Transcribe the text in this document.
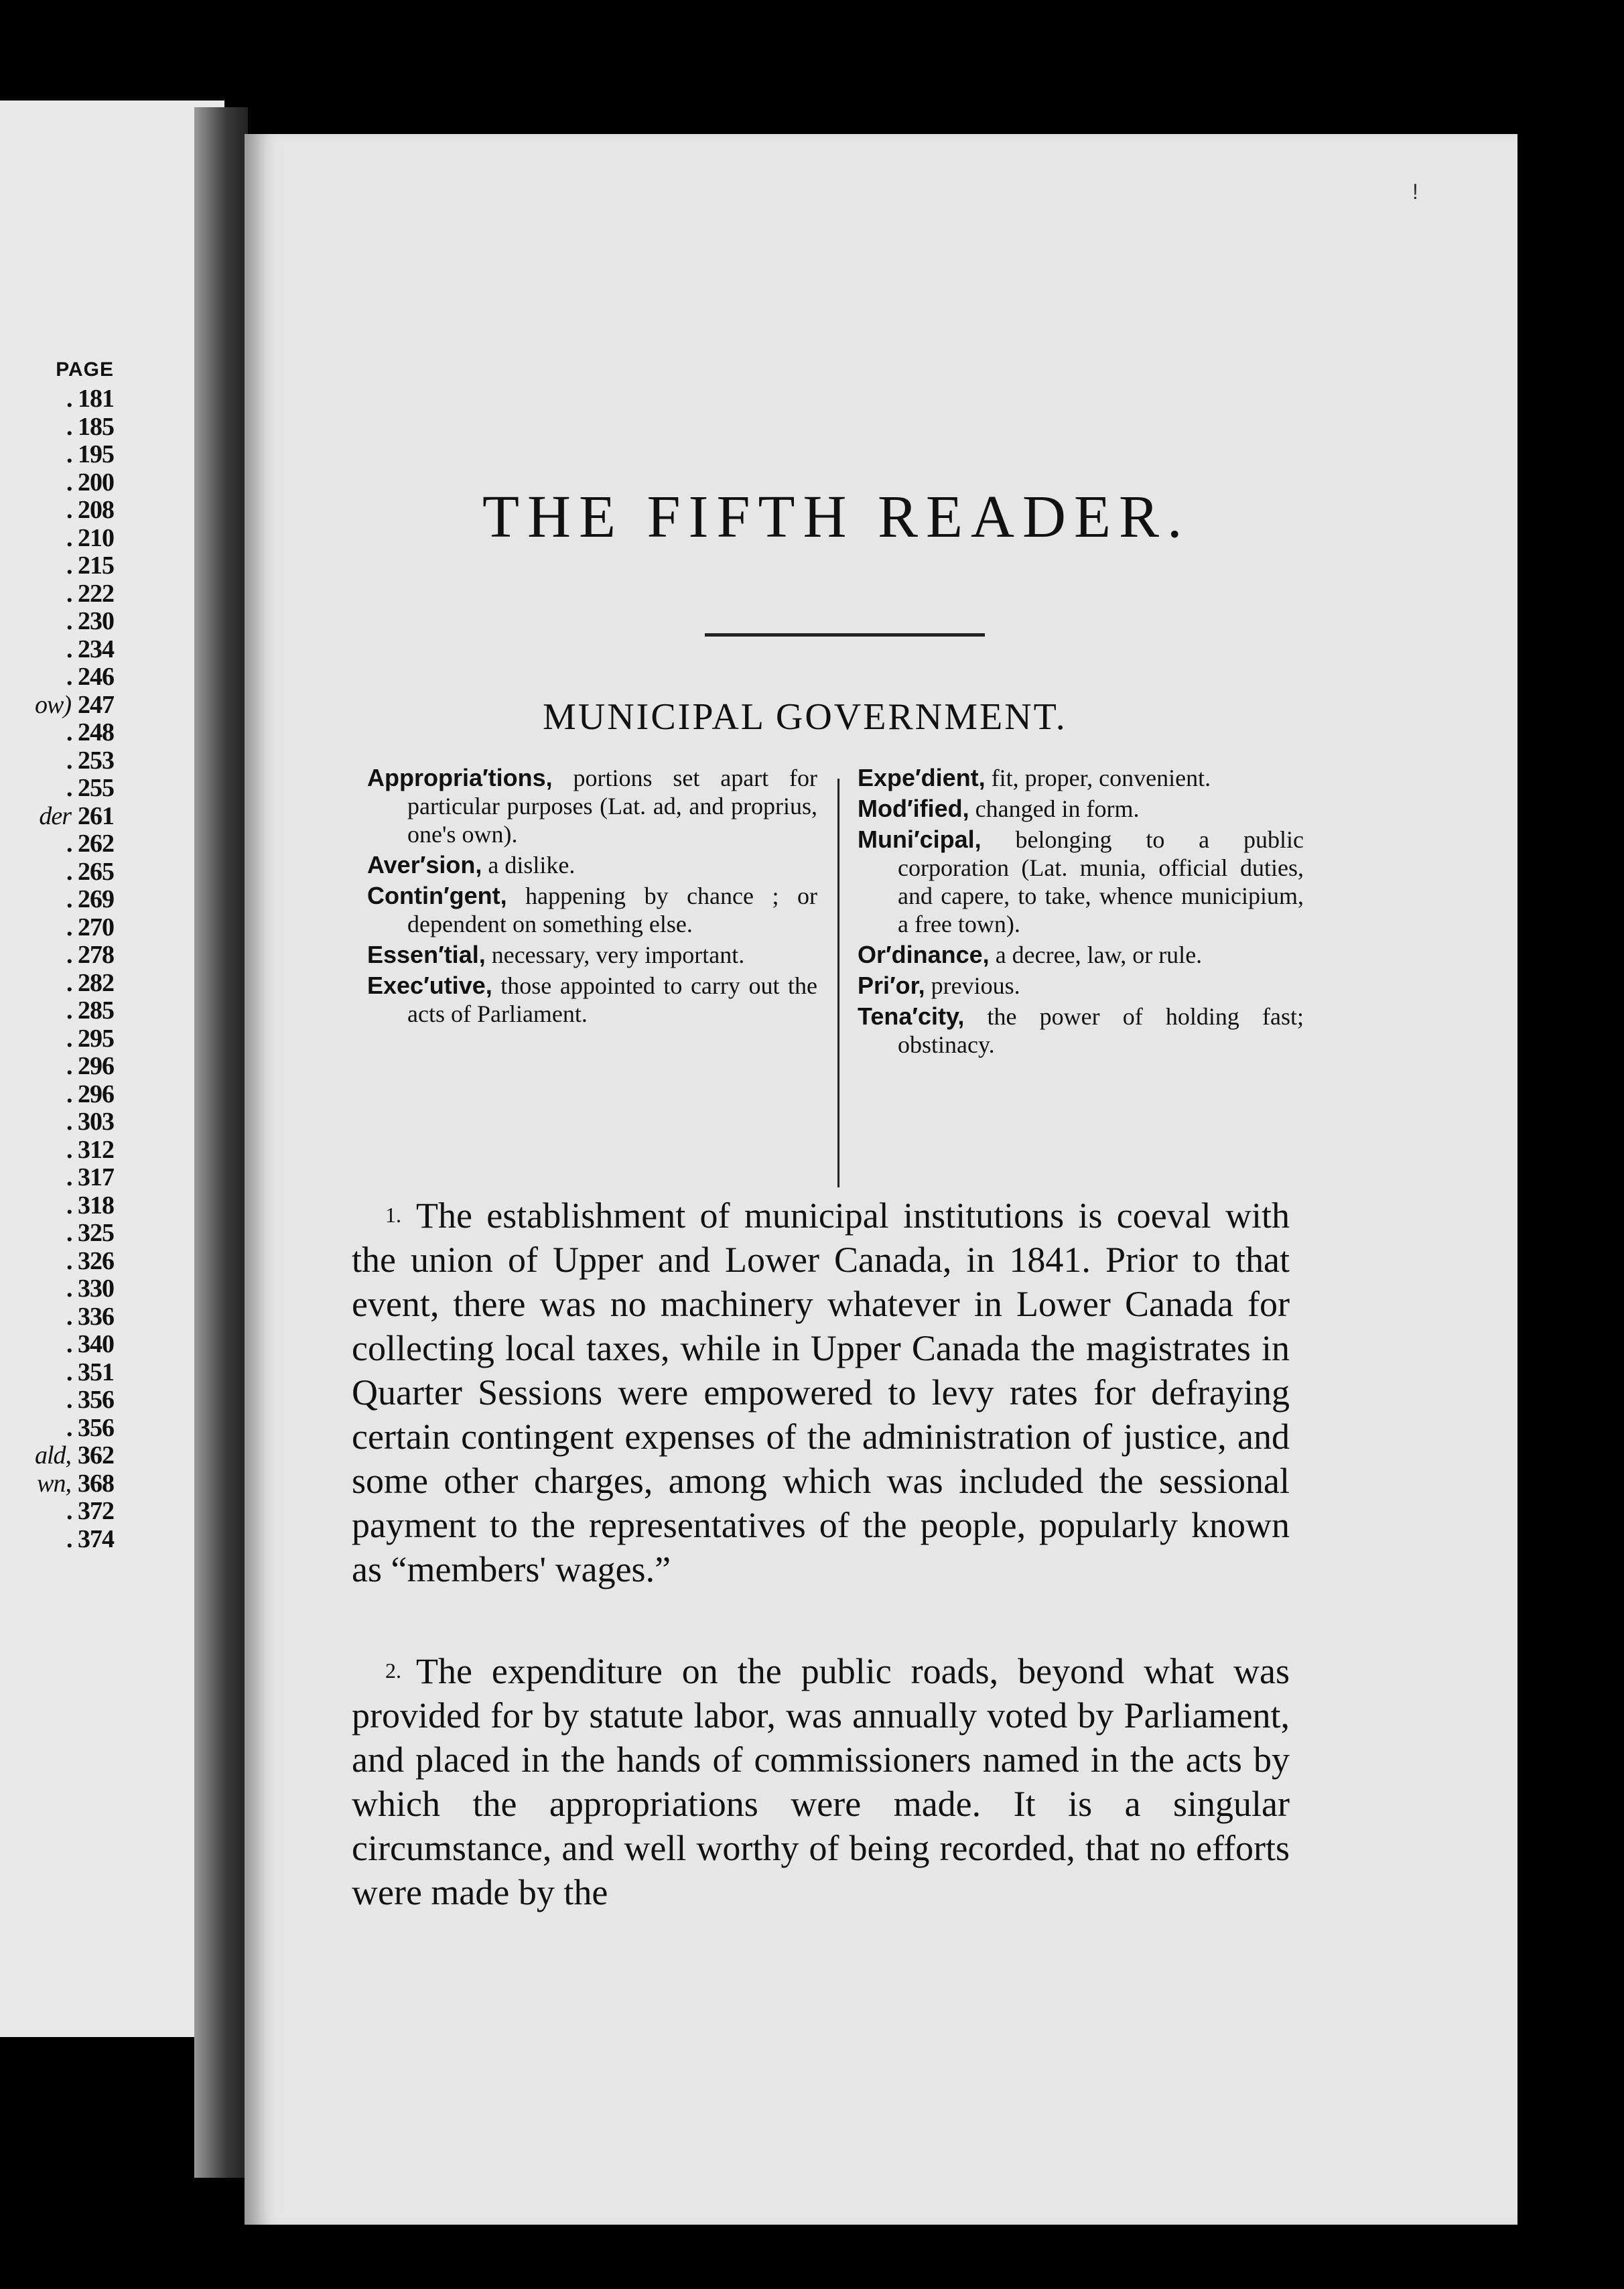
PAGE
. 181
. 185
. 195
. 200
. 208
. 210
. 215
. 222
. 230
. 234
. 246
ow) 247
. 248
. 253
. 255
der 261
. 262
. 265
. 269
. 270
. 278
. 282
. 285
. 295
. 296
. 296
. 303
. 312
. 317
. 318
. 325
. 326
. 330
. 336
. 340
. 351
. 356
. 356
ald, 362
wn, 368
. 372
. 374
!
THE FIFTH READER.
MUNICIPAL GOVERNMENT.
Appropria′tions, portions set apart for particular purposes (Lat. ad, and proprius, one's own).
Aver′sion, a dislike.
Contin′gent, happening by chance ; or dependent on something else.
Essen′tial, necessary, very important.
Exec′utive, those appointed to carry out the acts of Parliament.
Expe′dient, fit, proper, convenient.
Mod′ified, changed in form.
Muni′cipal, belonging to a public corporation (Lat. munia, official duties, and capere, to take, whence municipium, a free town).
Or′dinance, a decree, law, or rule.
Pri′or, previous.
Tena′city, the power of holding fast; obstinacy.

1. The establishment of municipal institutions is coeval with the union of Upper and Lower Canada, in 1841. Prior to that event, there was no machinery whatever in Lower Canada for collecting local taxes, while in Upper Canada the magistrates in Quarter Sessions were empowered to levy rates for defraying certain contingent expenses of the administration of justice, and some other charges, among which was included the sessional payment to the representatives of the people, popularly known as “members' wages.”

2. The expenditure on the public roads, beyond what was provided for by statute labor, was annually voted by Parliament, and placed in the hands of commissioners named in the acts by which the appropriations were made. It is a singular circumstance, and well worthy of being recorded, that no efforts were made by the
